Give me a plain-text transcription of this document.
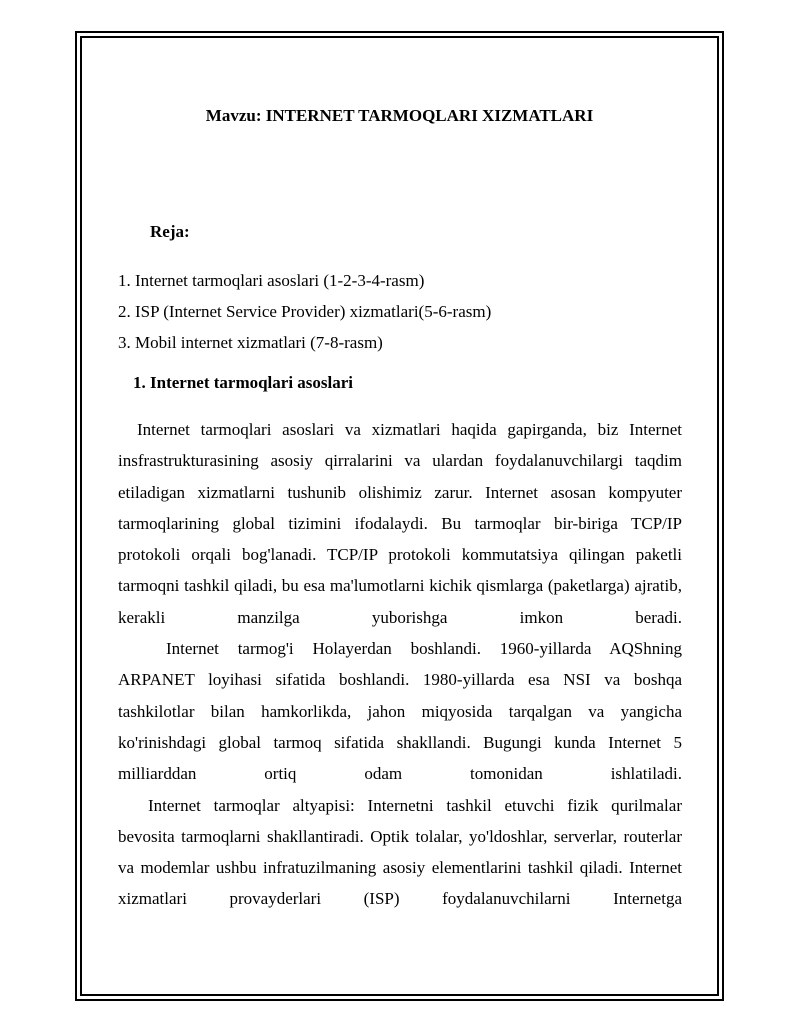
Mavzu: INTERNET TARMOQLARI XIZMATLARI
Reja:
1. Internet tarmoqlari asoslari (1-2-3-4-rasm)
2. ISP (Internet Service Provider) xizmatlari(5-6-rasm)
3. Mobil internet xizmatlari (7-8-rasm)
1. Internet tarmoqlari asoslari

Internet tarmoqlari asoslari va xizmatlari haqida gapirganda, biz Internet insfrastrukturasining asosiy qirralarini va ulardan foydalanuvchilargi taqdim etiladigan xizmatlarni tushunib olishimiz zarur. Internet asosan kompyuter tarmoqlarining global tizimini ifodalaydi. Bu tarmoqlar bir-biriga TCP/IP protokoli orqali bog'lanadi. TCP/IP protokoli kommutatsiya qilingan paketli tarmoqni tashkil qiladi, bu esa ma'lumotlarni kichik qismlarga (paketlarga) ajratib, kerakli manzilga yuborishga imkon beradi.

Internet tarmog'i Holayerdan boshlandi. 1960-yillarda AQShning ARPANET loyihasi sifatida boshlandi. 1980-yillarda esa NSI va boshqa tashkilotlar bilan hamkorlikda, jahon miqyosida tarqalgan va yangicha ko'rinishdagi global tarmoq sifatida shakllandi. Bugungi kunda Internet 5 milliarddan ortiq odam tomonidan ishlatiladi.

Internet tarmoqlar altyapisi: Internetni tashkil etuvchi fizik qurilmalar bevosita tarmoqlarni shakllantiradi. Optik tolalar, yo'ldoshlar, serverlar, routerlar va modemlar ushbu infratuzilmaning asosiy elementlarini tashkil qiladi. Internet xizmatlari provayderlari (ISP) foydalanuvchilarni Internetga
